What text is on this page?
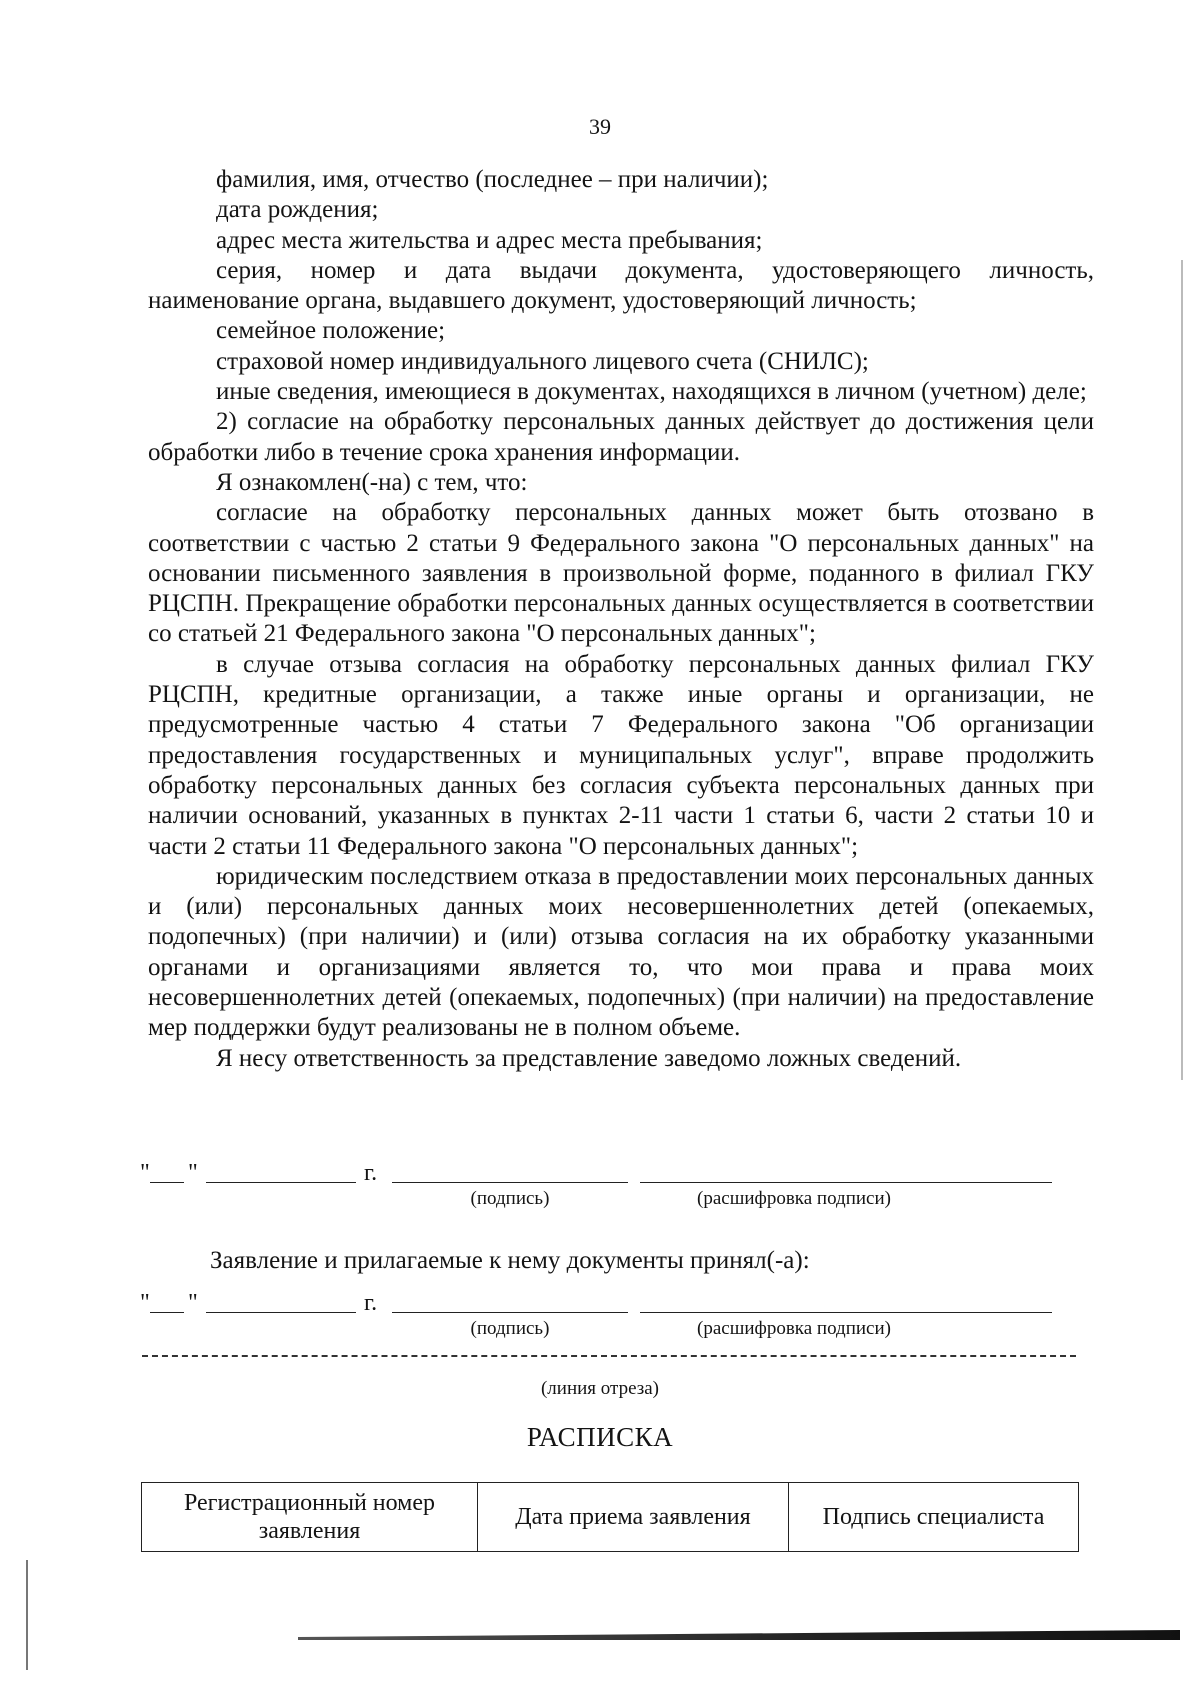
39

фамилия, имя, отчество (последнее – при наличии);

дата рождения;

адрес места жительства и адрес места пребывания;

серия, номер и дата выдачи документа, удостоверяющего личность, наименование органа, выдавшего документ, удостоверяющий личность;

семейное положение;

страховой номер индивидуального лицевого счета (СНИЛС);

иные сведения, имеющиеся в документах, находящихся в личном (учетном) деле;

2) согласие на обработку персональных данных действует до достижения цели обработки либо в течение срока хранения информации.

Я ознакомлен(-на) с тем, что:

согласие на обработку персональных данных может быть отозвано в соответствии с частью 2 статьи 9 Федерального закона "О персональных данных" на основании письменного заявления в произвольной форме, поданного в филиал ГКУ РЦСПН. Прекращение обработки персональных данных осуществляется в соответствии со статьей 21 Федерального закона "О персональных данных";

в случае отзыва согласия на обработку персональных данных филиал ГКУ РЦСПН, кредитные организации, а также иные органы и организации, не предусмотренные частью 4 статьи 7 Федерального закона "Об организации предоставления государственных и муниципальных услуг", вправе продолжить обработку персональных данных без согласия субъекта персональных данных при наличии оснований, указанных в пунктах 2-11 части 1 статьи 6, части 2 статьи 10 и части 2 статьи 11 Федерального закона "О персональных данных";

юридическим последствием отказа в предоставлении моих персональных данных и (или) персональных данных моих несовершеннолетних детей (опекаемых, подопечных) (при наличии) и (или) отзыва согласия на их обработку указанными органами и организациями является то, что мои права и права моих несовершеннолетних детей (опекаемых, подопечных) (при наличии) на предоставление мер поддержки будут реализованы не в полном объеме.

Я несу ответственность за представление заведомо ложных сведений.

" "	г.
(подпись)	(расшифровка подписи)
Заявление и прилагаемые к нему документы принял(-а):
" "	г.
(подпись)	(расшифровка подписи)
(линия отреза)
РАСПИСКА
Регистрационный номер заявления	Дата приема заявления	Подпись специалиста
